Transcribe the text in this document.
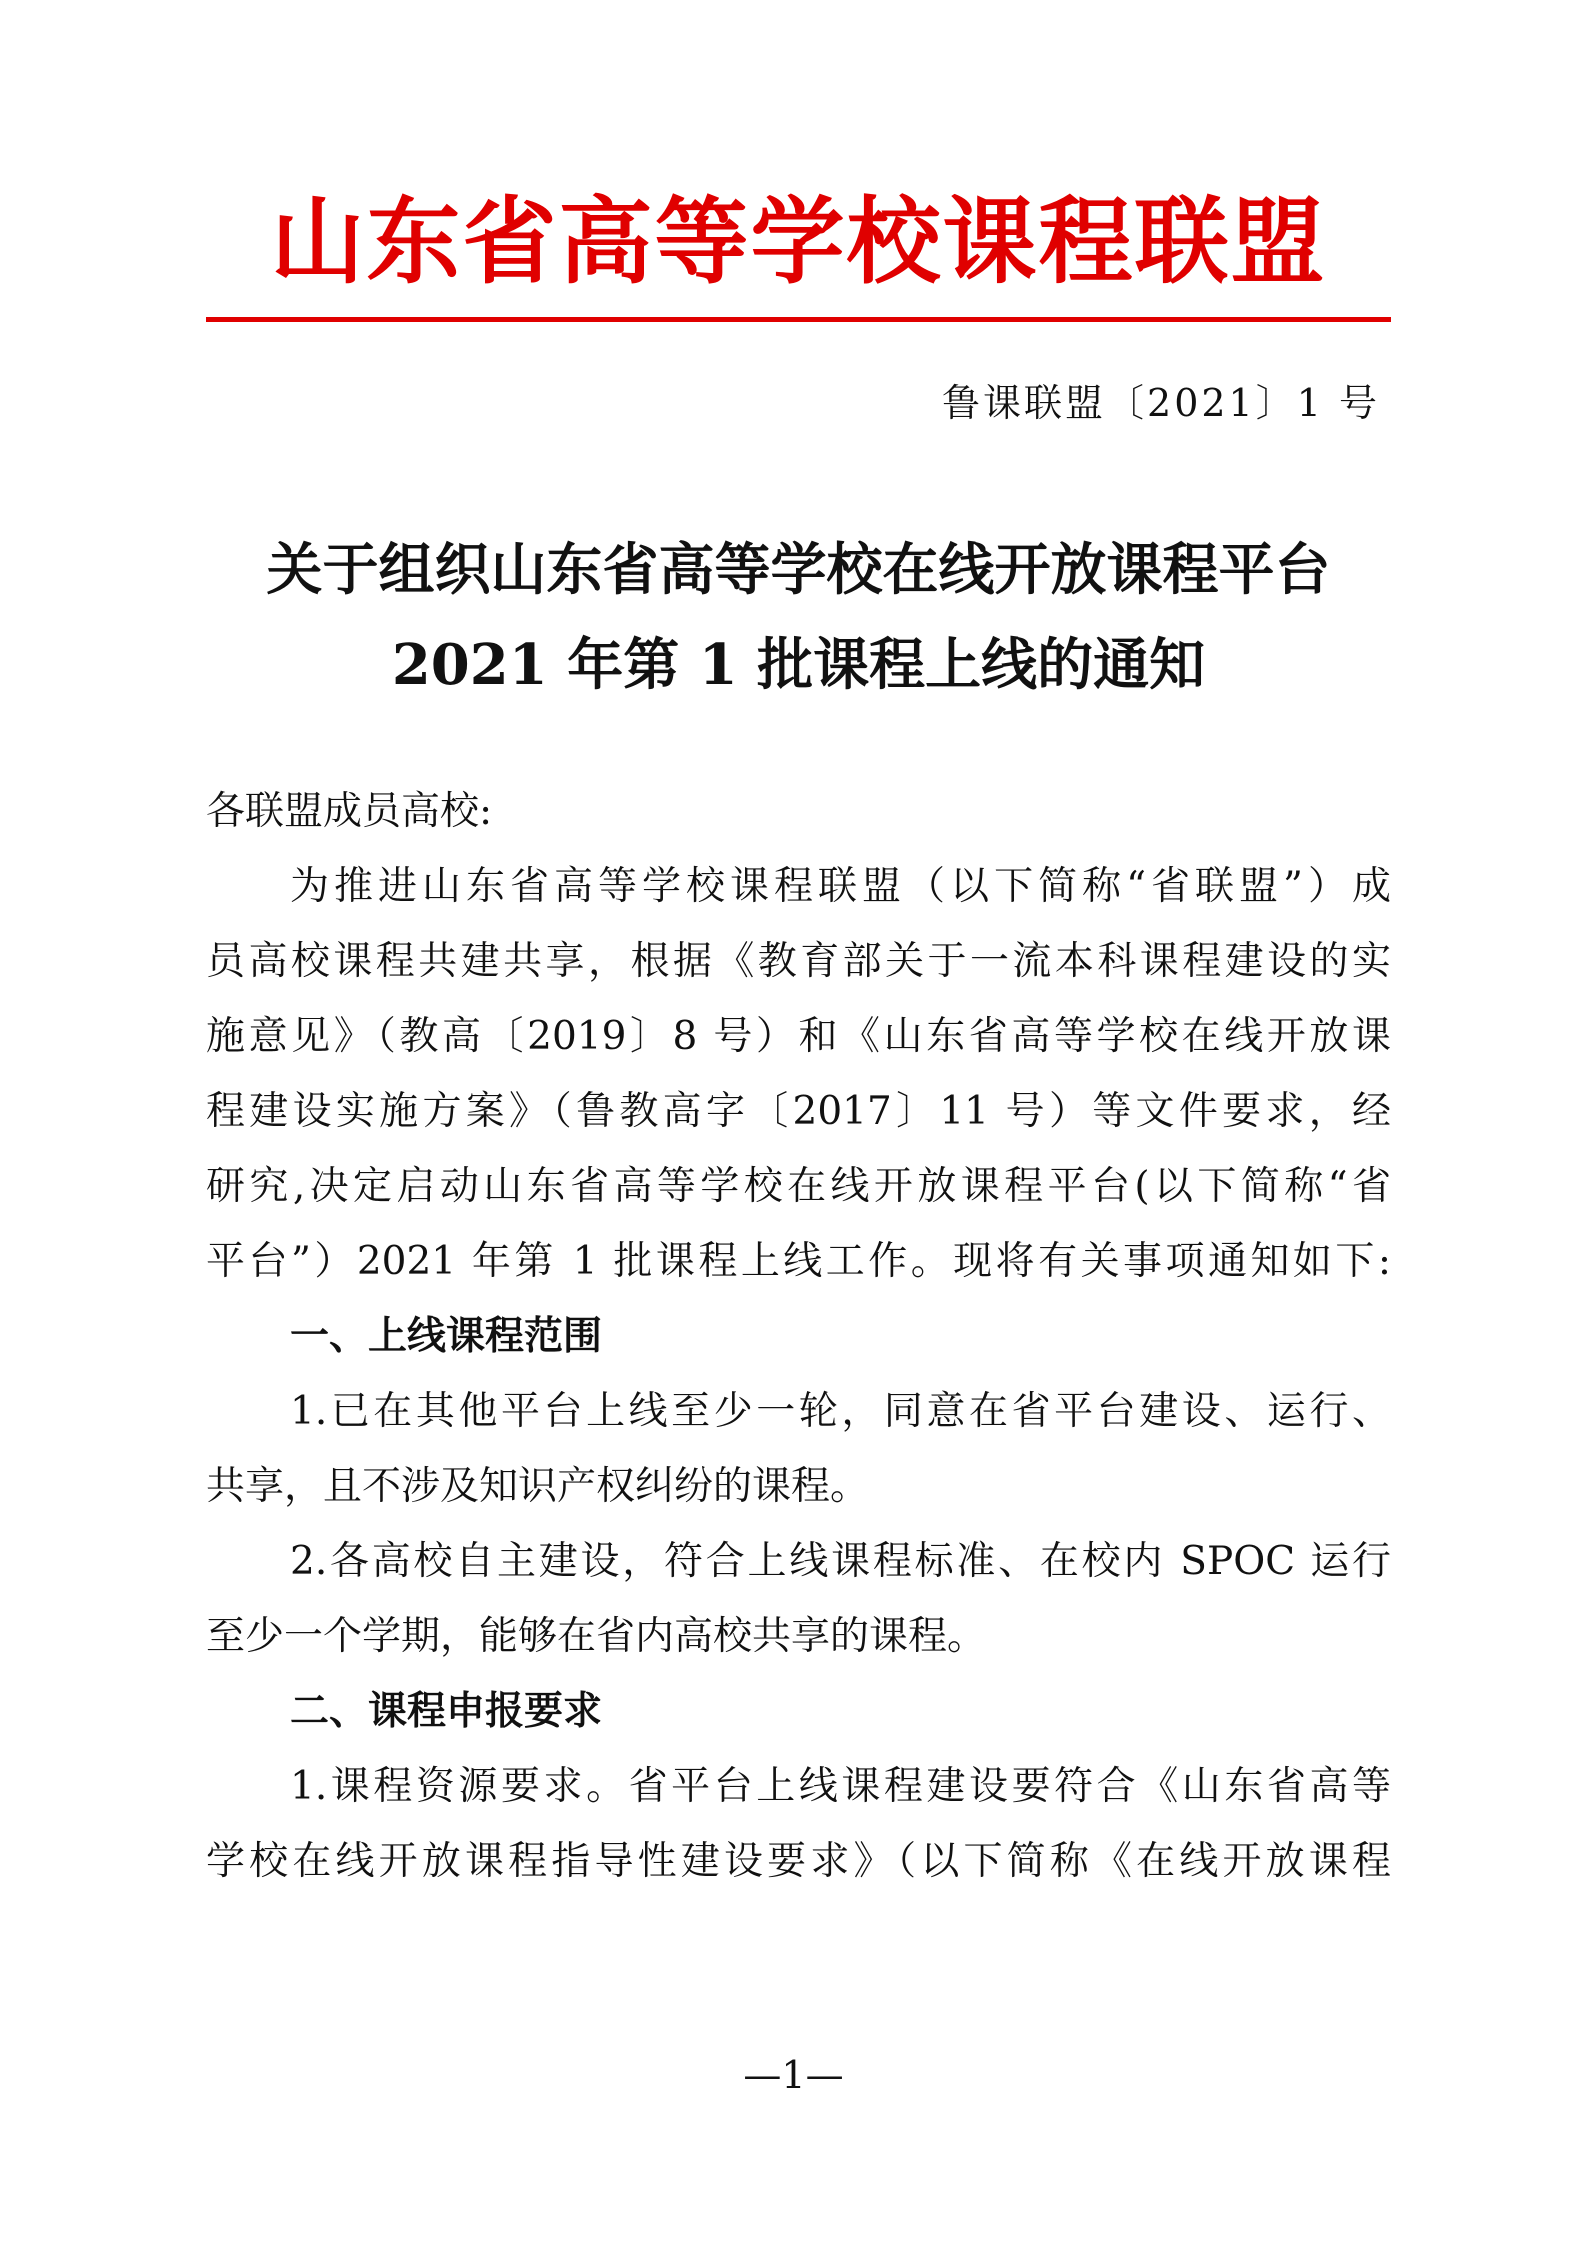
山东省高等学校课程联盟
鲁课联盟〔2021〕1 号
关于组织山东省高等学校在线开放课程平台
2021 年第 1 批课程上线的通知
各联盟成员高校:
为推进山东省高等学校课程联盟（以下简称“省联盟”）成
员高校课程共建共享，根据《教育部关于一流本科课程建设的实
施意见》（教高〔2019〕8 号）和《山东省高等学校在线开放课
程建设实施方案》（鲁教高字〔2017〕11 号）等文件要求，经
研究,决定启动山东省高等学校在线开放课程平台(以下简称“省
平台”）2021 年第 1 批课程上线工作。现将有关事项通知如下:
一、上线课程范围
1.已在其他平台上线至少一轮，同意在省平台建设、运行、
共享，且不涉及知识产权纠纷的课程。
2.各高校自主建设，符合上线课程标准、在校内 SPOC 运行
至少一个学期，能够在省内高校共享的课程。
二、课程申报要求
1.课程资源要求。省平台上线课程建设要符合《山东省高等
学校在线开放课程指导性建设要求》（以下简称《在线开放课程
—1—
